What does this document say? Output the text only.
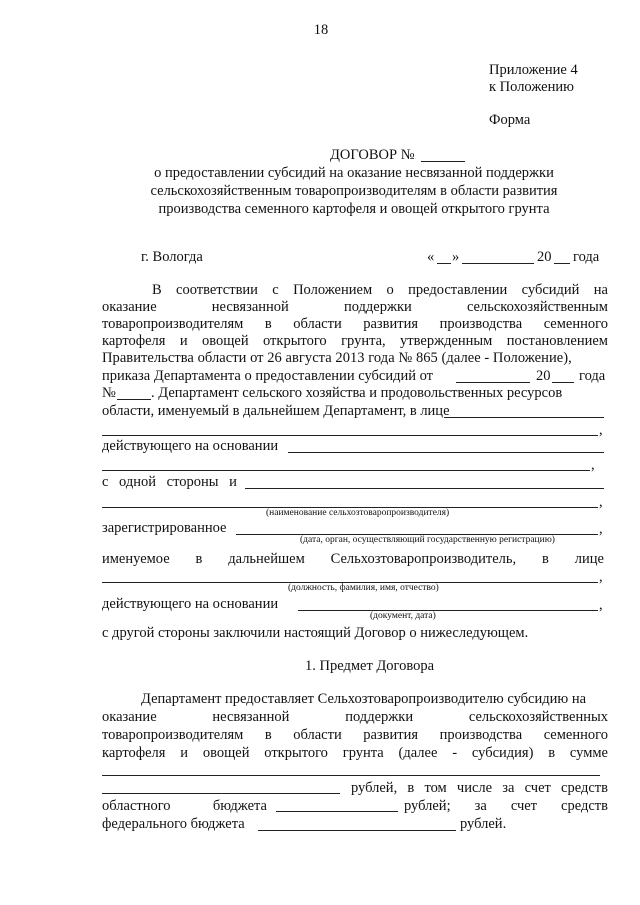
18
Приложение 4
к Положению
Форма
ДОГОВОР №
о предоставлении субсидий на оказание несвязанной поддержки
сельскохозяйственным товаропроизводителям в области развития
производства семенного картофеля и овощей открытого грунта
г. Вологда	« »	20 года
В соответствии с Положением о предоставлении субсидий на
оказание	несвязанной	поддержки	сельскохозяйственным
товаропроизводителям в области развития производства семенного
картофеля и овощей открытого грунта, утвержденным постановлением
Правительства области от 26 августа 2013 года № 865 (далее - Положение),
приказа Департамента о предоставлении субсидий от	20 года
№ . Департамент сельского хозяйства и продовольственных ресурсов
области, именуемый в дальнейшем Департамент, в лице
,
действующего на основании
,
с одной стороны и
,
(наименование сельхозтоваропроизводителя)
зарегистрированное	,
(дата, орган, осуществляющий государственную регистрацию)
именуемое в дальнейшем Сельхозтоваропроизводитель, в лице
,
(должность, фамилия, имя, отчество)
действующего на основании	,
(документ, дата)
с другой стороны заключили настоящий Договор о нижеследующем.
1. Предмет Договора
Департамент предоставляет Сельхозтоваропроизводителю субсидию на
оказание	несвязанной	поддержки	сельскохозяйственных
товаропроизводителям в области развития производства семенного
картофеля и овощей открытого грунта (далее - субсидия) в сумме
рублей, в том числе за счет средств
областного	бюджета	рублей; за счет средств
федерального бюджета	рублей.
